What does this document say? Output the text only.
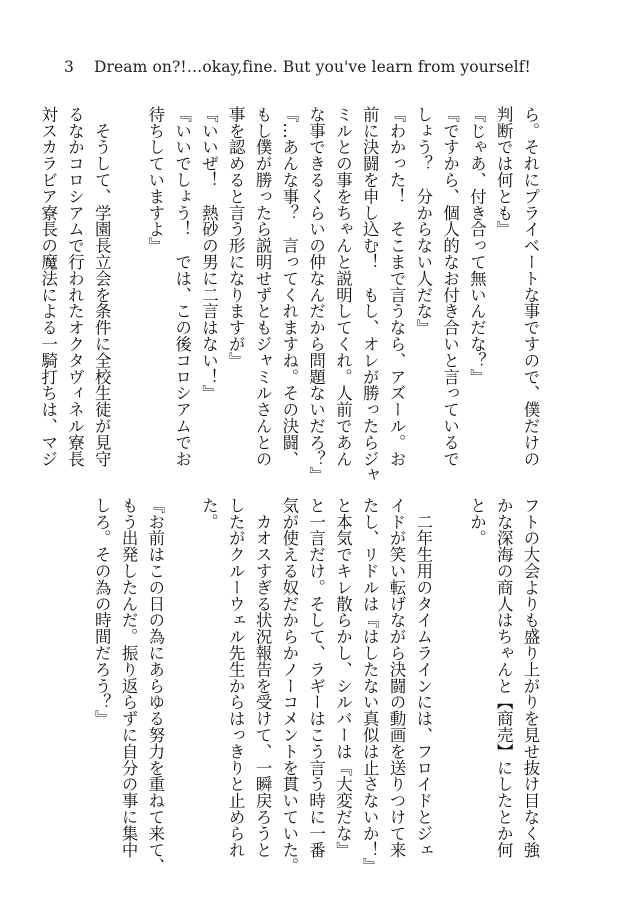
3 Dream on?!…okay,fine. But you've learn from yourself!
ら。それにプライベートな事ですので、僕だけの
判断では何とも』
『じゃあ、付き合って無いんだな？』
『ですから、個人的なお付き合いと言っているで
しょう？　分からない人だな』
『わかった！　そこまで言うなら、アズール。お
前に決闘を申し込む！　もし、オレが勝ったらジャ
ミルとの事をちゃんと説明してくれ。人前であん
な事できるくらいの仲なんだから問題ないだろ？』
『…あんな事？　言ってくれますね。その決闘、
もし僕が勝ったら説明せずともジャミルさんとの
事を認めると言う形になりますが』
『いいぜ！　熱砂の男に二言はない！』
『いいでしょう！　では、この後コロシアムでお
待ちしていますよ』
　そうして、学園長立会を条件に全校生徒が見守
るなかコロシアムで行われたオクタヴィネル寮長
対スカラビア寮長の魔法による一騎打ちは、マジ
フトの大会よりも盛り上がりを見せ抜け目なく強
かな深海の商人はちゃんと【商売】にしたとか何
とか。
　二年生用のタイムラインには、フロイドとジェ
イドが笑い転げながら決闘の動画を送りつけて来
たし、リドルは『はしたない真似は止さないか！』
と本気でキレ散らかし、シルバーは『大変だな』
と一言だけ。そして、ラギーはこう言う時に一番
気が使える奴だからかノーコメントを貫いていた。
　カオスすぎる状況報告を受けて、一瞬戻ろうと
したがクルーウェル先生からはっきりと止められ
た。
『お前はこの日の為にあらゆる努力を重ねて来て、
もう出発したんだ。振り返らずに自分の事に集中
しろ。その為の時間だろう？』
